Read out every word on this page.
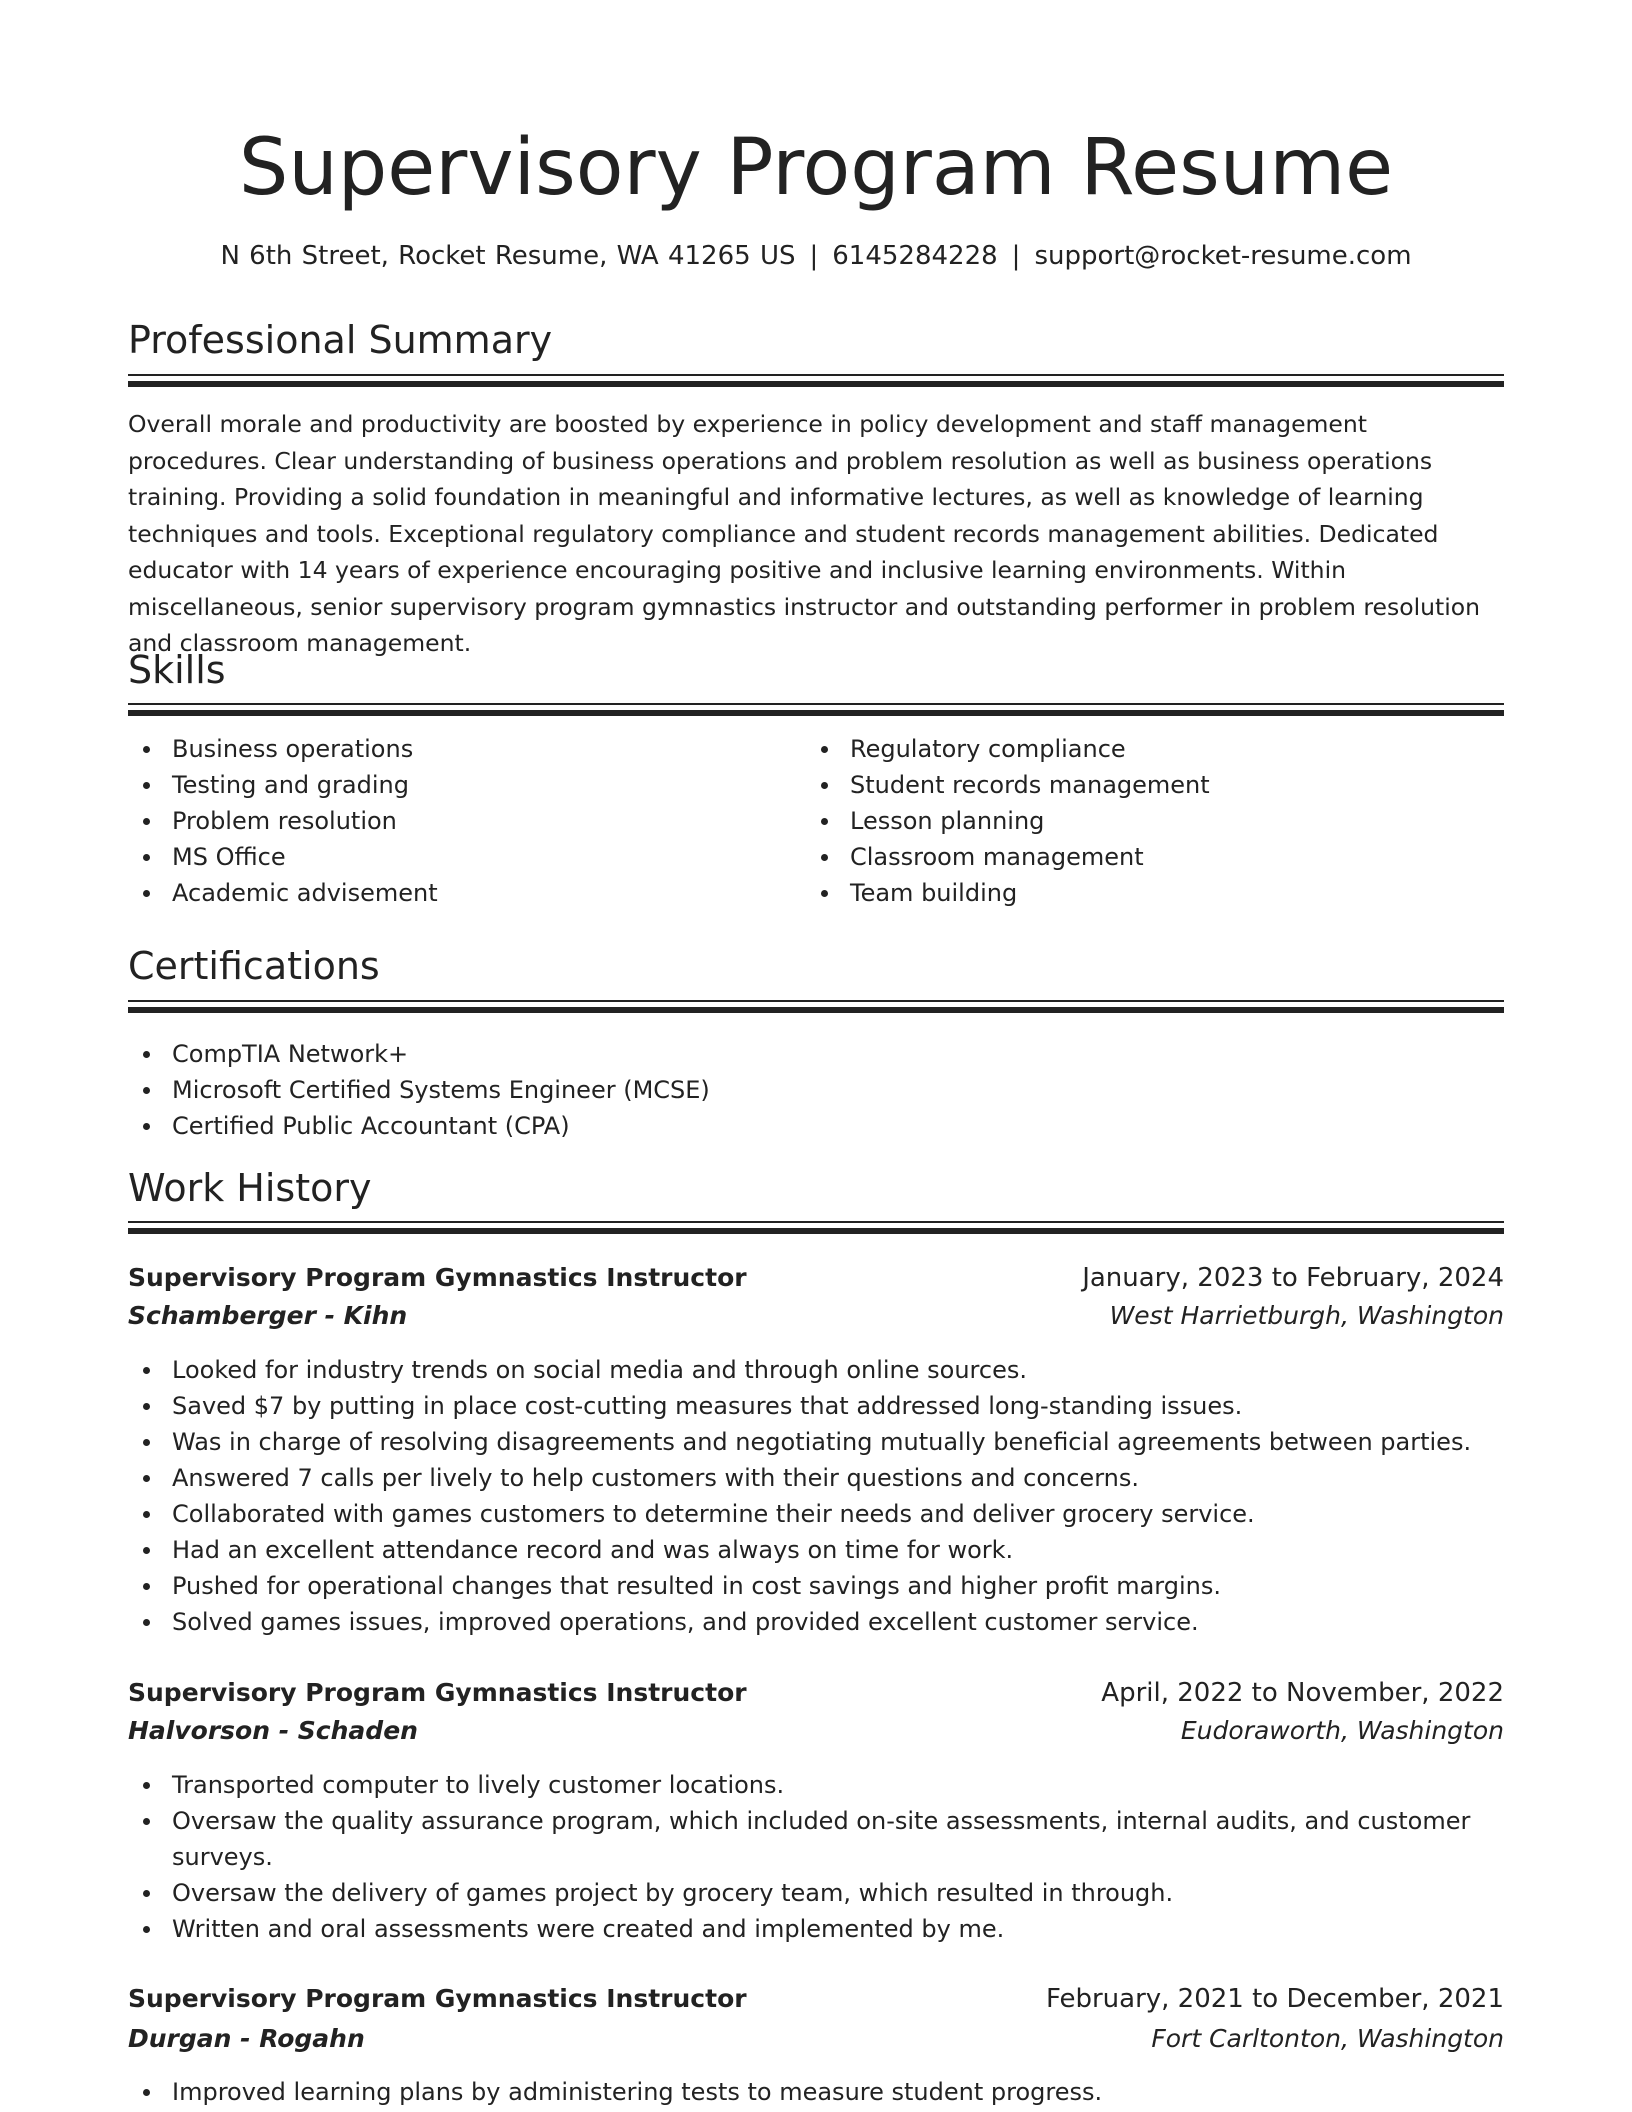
Supervisory Program Resume
N 6th Street, Rocket Resume, WA 41265 US | 6145284228 | support@rocket-resume.com
Professional Summary

Overall morale and productivity are boosted by experience in policy development and staff management procedures. Clear understanding of business operations and problem resolution as well as business operations training. Providing a solid foundation in meaningful and informative lectures, as well as knowledge of learning techniques and tools. Exceptional regulatory compliance and student records management abilities. Dedicated educator with 14 years of experience encouraging positive and inclusive learning environments. Within miscellaneous, senior supervisory program gymnastics instructor and outstanding performer in problem resolution and classroom management.

Skills
Business operations
Testing and grading
Problem resolution
MS Office
Academic advisement
Regulatory compliance
Student records management
Lesson planning
Classroom management
Team building
Certifications
CompTIA Network+
Microsoft Certified Systems Engineer (MCSE)
Certified Public Accountant (CPA)
Work History
Supervisory Program Gymnastics Instructor	January, 2023 to February, 2024
Schamberger - Kihn	West Harrietburgh, Washington
Looked for industry trends on social media and through online sources.
Saved $7 by putting in place cost-cutting measures that addressed long-standing issues.
Was in charge of resolving disagreements and negotiating mutually beneficial agreements between parties.
Answered 7 calls per lively to help customers with their questions and concerns.
Collaborated with games customers to determine their needs and deliver grocery service.
Had an excellent attendance record and was always on time for work.
Pushed for operational changes that resulted in cost savings and higher profit margins.
Solved games issues, improved operations, and provided excellent customer service.
Supervisory Program Gymnastics Instructor	April, 2022 to November, 2022
Halvorson - Schaden	Eudoraworth, Washington
Transported computer to lively customer locations.
Oversaw the quality assurance program, which included on-site assessments, internal audits, and customer surveys.
Oversaw the delivery of games project by grocery team, which resulted in through.
Written and oral assessments were created and implemented by me.
Supervisory Program Gymnastics Instructor	February, 2021 to December, 2021
Durgan - Rogahn	Fort Carltonton, Washington
Improved learning plans by administering tests to measure student progress.
